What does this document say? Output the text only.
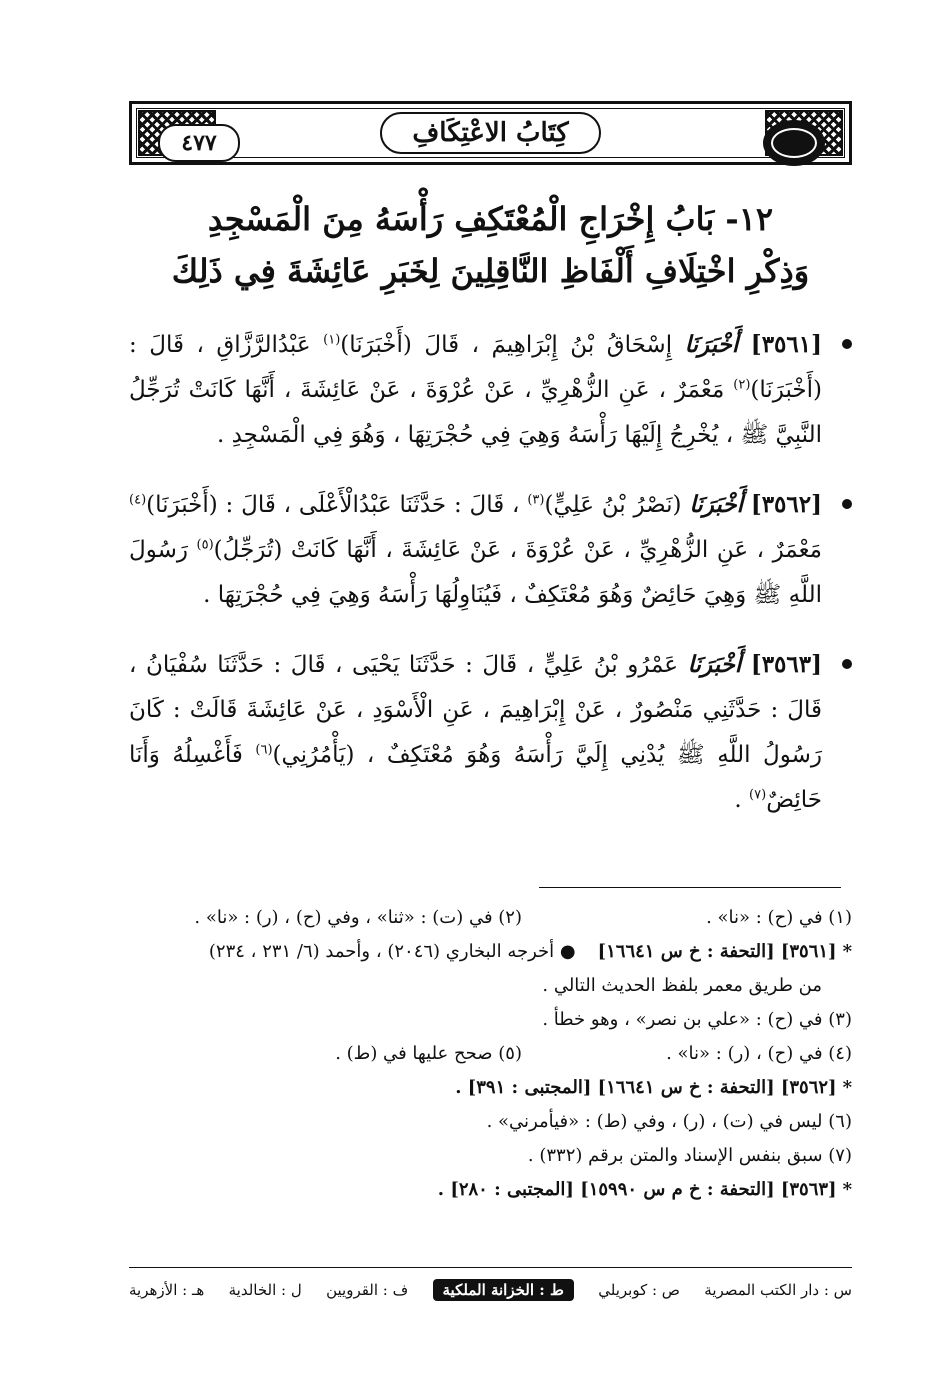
٤٧٧	كِتَابُ الاعْتِكَافِ
١٢- بَابُ إِخْرَاجِ الْمُعْتَكِفِ رَأْسَهُ مِنَ الْمَسْجِدِ
وَذِكْرِ اخْتِلَافِ أَلْفَاظِ النَّاقِلِينَ لِخَبَرِ عَائِشَةَ فِي ذَلِكَ
[٣٥٦١] أَخْبَرَنَا إِسْحَاقُ بْنُ إِبْرَاهِيمَ ، قَالَ (أَخْبَرَنَا)$^{(١)}$ عَبْدُالرَّزَّاقِ ، قَالَ : (أَخْبَرَنَا)$^{(٢)}$ مَعْمَرٌ ، عَنِ الزُّهْرِيِّ ، عَنْ عُرْوَةَ ، عَنْ عَائِشَةَ ، أَنَّهَا كَانَتْ تُرَجِّلُ النَّبِيَّ ﷺ ، يُخْرِجُ إِلَيْهَا رَأْسَهُ وَهِيَ فِي حُجْرَتِهَا ، وَهُوَ فِي الْمَسْجِدِ .
[٣٥٦٢] أَخْبَرَنَا (نَصْرُ بْنُ عَلِيٍّ)$^{(٣)}$ ، قَالَ : حَدَّثَنَا عَبْدُالْأَعْلَى ، قَالَ : (أَخْبَرَنَا)$^{(٤)}$ مَعْمَرٌ ، عَنِ الزُّهْرِيِّ ، عَنْ عُرْوَةَ ، عَنْ عَائِشَةَ ، أَنَّهَا كَانَتْ (تُرَجِّلُ)$^{(٥)}$ رَسُولَ اللَّهِ ﷺ وَهِيَ حَائِضٌ وَهُوَ مُعْتَكِفٌ ، فَيُنَاوِلُهَا رَأْسَهُ وَهِيَ فِي حُجْرَتِهَا .
[٣٥٦٣] أَخْبَرَنَا عَمْرُو بْنُ عَلِيٍّ ، قَالَ : حَدَّثَنَا يَحْيَى ، قَالَ : حَدَّثَنَا سُفْيَانُ ، قَالَ : حَدَّثَنِي مَنْصُورٌ ، عَنْ إِبْرَاهِيمَ ، عَنِ الْأَسْوَدِ ، عَنْ عَائِشَةَ قَالَتْ : كَانَ رَسُولُ اللَّهِ ﷺ يُدْنِي إِلَيَّ رَأْسَهُ وَهُوَ مُعْتَكِفٌ ، (يَأْمُرُنِي)$^{(٦)}$ فَأَغْسِلُهُ وَأَنَا حَائِضٌ$^{(٧)}$ .
(١) في (ح) : «نا» .
(٢) في (ت) : «ثنا» ، وفي (ح) ، (ر) : «نا» .
*
[٣٥٦١] [التحفة : خ س ١٦٦٤١]
● أخرجه البخاري (٢٠٤٦) ، وأحمد (٦/ ٢٣١ ، ٢٣٤)
من طريق معمر بلفظ الحديث التالي .
(٣) في (ح) : «علي بن نصر» ، وهو خطأ .
(٤) في (ح) ، (ر) : «نا» .
(٥) صحح عليها في (ط) .
*
[٣٥٦٢] [التحفة : خ س ١٦٦٤١] [المجتبى : ٣٩١] .
(٦) ليس في (ت) ، (ر) ، وفي (ط) : «فيأمرني» .
(٧) سبق بنفس الإسناد والمتن برقم (٣٣٢) .
*
[٣٥٦٣] [التحفة : خ م س ١٥٩٩٠] [المجتبى : ٢٨٠] .
س : دار الكتب المصرية
ص : كوبريلي
ط : الخزانة الملكية
ف : القرويين
ل : الخالدية
هـ : الأزهرية
